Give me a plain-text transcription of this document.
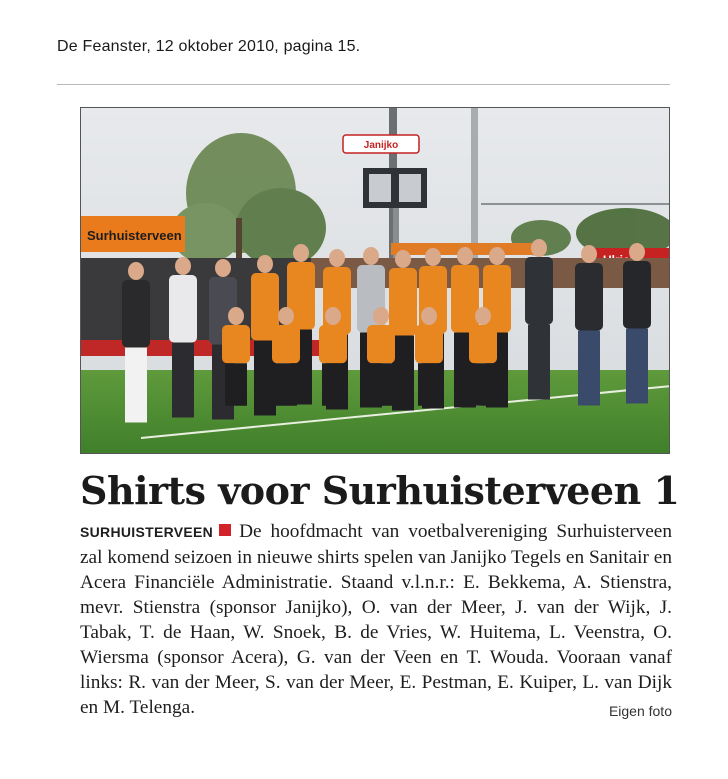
De Feanster, 12 oktober 2010, pagina 15.
Janijko
Surhuisterveen
Shirts voor Surhuisterveen 1
SURHUISTERVEEN De hoofdmacht van voetbalvereniging Surhuisterveen zal komend seizoen in nieuwe shirts spelen van Janijko Tegels en Sanitair en Acera Financiële Administratie. Staand v.l.n.r.: E. Bekkema, A. Stienstra, mevr. Stienstra (sponsor Janijko), O. van der Meer, J. van der Wijk, J. Tabak, T. de Haan, W. Snoek, B. de Vries, W. Huitema, L. Veenstra, O. Wiersma (sponsor Acera), G. van der Veen en T. Wouda. Vooraan vanaf links: R. van der Meer, S. van der Meer, E. Pestman, E. Kuiper, L. van Dijk en M. Telenga.	Eigen foto
